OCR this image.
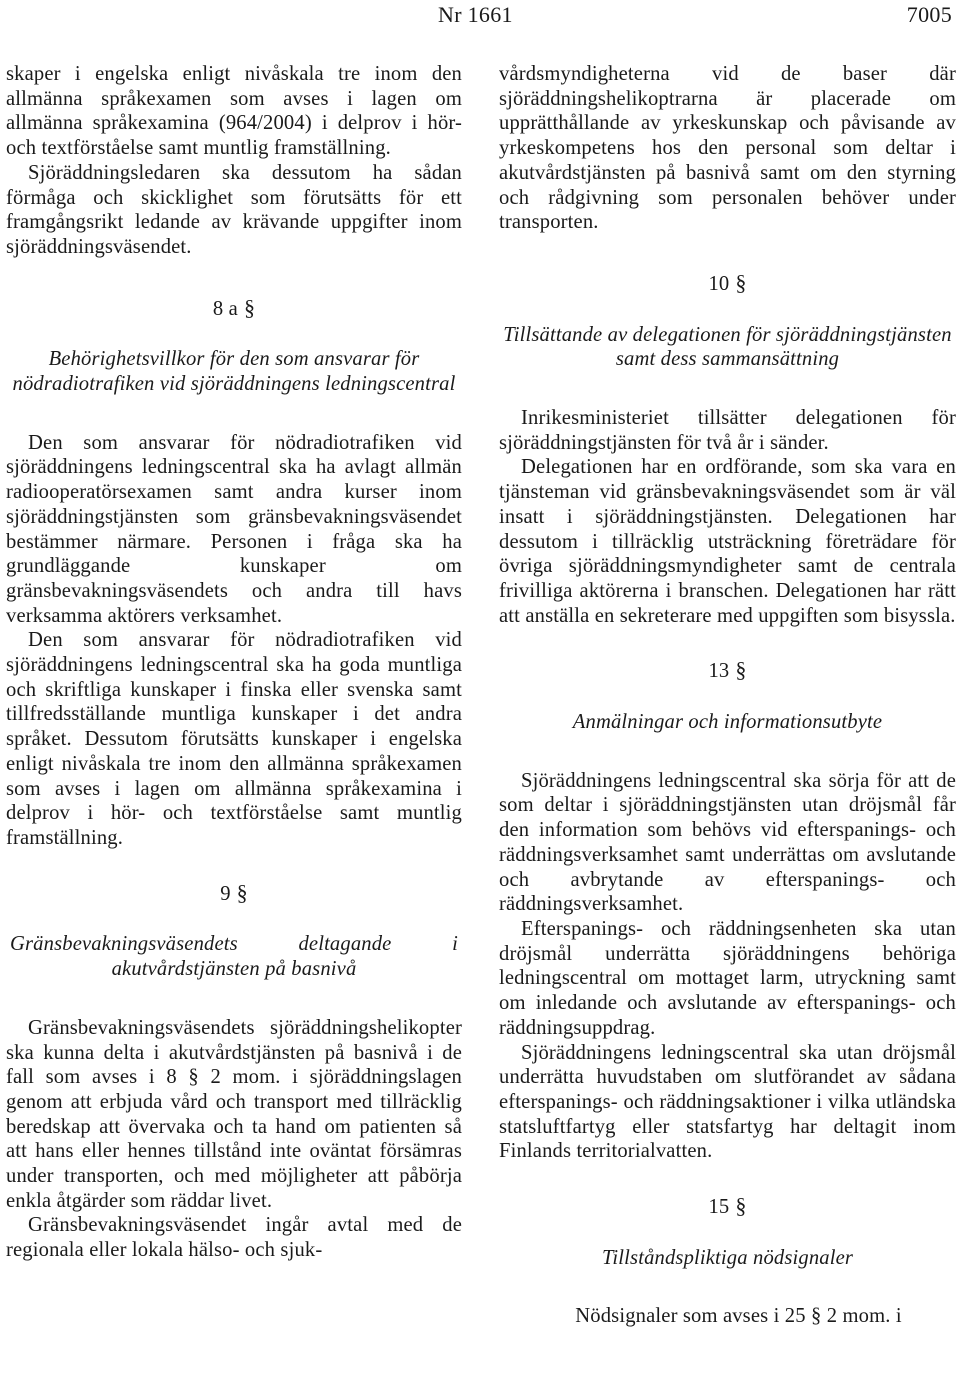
Nr 1661	7005

skaper i engelska enligt nivåskala tre inom den allmänna språkexamen som avses i lagen om allmänna språkexamina (964/2004) i delprov i hör- och textförståelse samt muntlig framställning.

Sjöräddningsledaren ska dessutom ha sådan förmåga och skicklighet som förutsätts för ett framgångsrikt ledande av krävande uppgifter inom sjöräddningsväsendet.

8 a §
Behörighetsvillkor för den som ansvarar för nödradiotrafiken vid sjöräddningens ledningscentral

Den som ansvarar för nödradiotrafiken vid sjöräddningens ledningscentral ska ha avlagt allmän radiooperatörsexamen samt andra kurser inom sjöräddningstjänsten som gränsbevakningsväsendet bestämmer närmare. Personen i fråga ska ha grundläggande kunskaper om gränsbevakningsväsendets och andra till havs verksamma aktörers verksamhet.

Den som ansvarar för nödradiotrafiken vid sjöräddningens ledningscentral ska ha goda muntliga och skriftliga kunskaper i finska eller svenska samt tillfredsställande muntliga kunskaper i det andra språket. Dessutom förutsätts kunskaper i engelska enligt nivåskala tre inom den allmänna språkexamen som avses i lagen om allmänna språkexamina i delprov i hör- och textförståelse samt muntlig framställning.

9 §
Gränsbevakningsväsendets deltagande i akutvårdstjänsten på basnivå

Gränsbevakningsväsendets sjöräddningshelikopter ska kunna delta i akutvårdstjänsten på basnivå i de fall som avses i 8 § 2 mom. i sjöräddningslagen genom att erbjuda vård och transport med tillräcklig beredskap att övervaka och ta hand om patienten så att hans eller hennes tillstånd inte oväntat försämras under transporten, och med möjligheter att påbörja enkla åtgärder som räddar livet.

Gränsbevakningsväsendet ingår avtal med de regionala eller lokala hälso- och sjuk-

vårdsmyndigheterna vid de baser där sjöräddningshelikoptrarna är placerade om upprätthållande av yrkeskunskap och påvisande av yrkeskompetens hos den personal som deltar i akutvårdstjänsten på basnivå samt om den styrning och rådgivning som personalen behöver under transporten.

10 §
Tillsättande av delegationen för sjöräddningstjänsten samt dess sammansättning

Inrikesministeriet tillsätter delegationen för sjöräddningstjänsten för två år i sänder.

Delegationen har en ordförande, som ska vara en tjänsteman vid gränsbevakningsväsendet som är väl insatt i sjöräddningstjänsten. Delegationen har dessutom i tillräcklig utsträckning företrädare för övriga sjöräddningsmyndigheter samt de centrala frivilliga aktörerna i branschen. Delegationen har rätt att anställa en sekreterare med uppgiften som bisyssla.

13 §
Anmälningar och informationsutbyte

Sjöräddningens ledningscentral ska sörja för att de som deltar i sjöräddningstjänsten utan dröjsmål får den information som behövs vid efterspanings- och räddningsverksamhet samt underrättas om avslutande och avbrytande av efterspanings- och räddningsverksamhet.

Efterspanings- och räddningsenheten ska utan dröjsmål underrätta sjöräddningens behöriga ledningscentral om mottaget larm, utryckning samt om inledande och avslutande av efterspanings- och räddningsuppdrag.

Sjöräddningens ledningscentral ska utan dröjsmål underrätta huvudstaben om slutförandet av sådana efterspanings- och räddningsaktioner i vilka utländska statsluftfartyg eller statsfartyg har deltagit inom Finlands territorialvatten.

15 §
Tillståndspliktiga nödsignaler

Nödsignaler som avses i 25 § 2 mom. i
